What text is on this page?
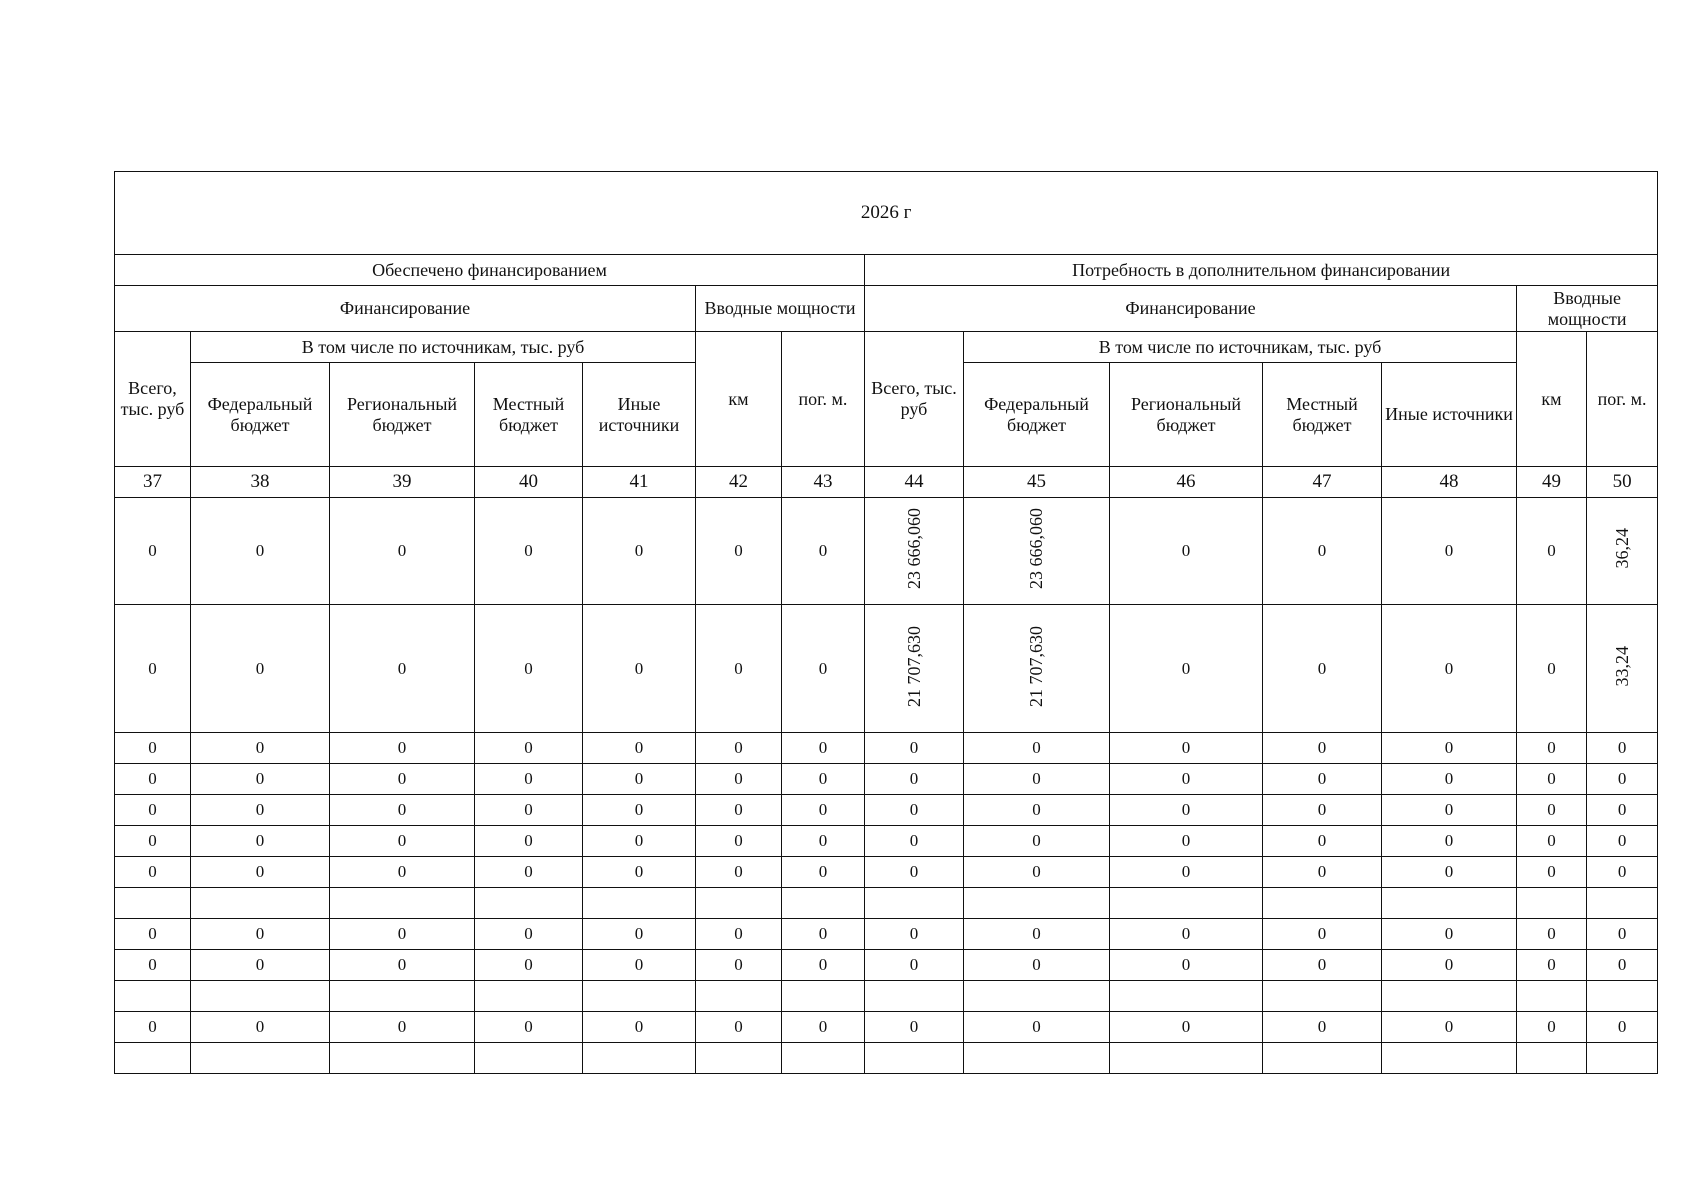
2026 г													
Обеспечено финансированием							Потребность в дополнительном финансировании						
Финансирование					Вводные мощности		Финансирование					Вводные мощности	
Всего, тыс. руб	В том числе по источникам, тыс. руб				км	пог. м.	Всего, тыс. руб	В том числе по источникам, тыс. руб				км	пог. м.
	Федеральный бюджет	Региональный бюджет	Местный бюджет	Иные источники				Федеральный бюджет	Региональный бюджет	Местный бюджет	Иные источники		
37	38	39	40	41	42	43	44	45	46	47	48	49	50
0	0	0	0	0	0	0	23 666,060	23 666,060	0	0	0	0	36,24
0	0	0	0	0	0	0	21 707,630	21 707,630	0	0	0	0	33,24
0	0	0	0	0	0	0	0	0	0	0	0	0	0
0	0	0	0	0	0	0	0	0	0	0	0	0	0
0	0	0	0	0	0	0	0	0	0	0	0	0	0
0	0	0	0	0	0	0	0	0	0	0	0	0	0
0	0	0	0	0	0	0	0	0	0	0	0	0	0

0	0	0	0	0	0	0	0	0	0	0	0	0	0
0	0	0	0	0	0	0	0	0	0	0	0	0	0

0	0	0	0	0	0	0	0	0	0	0	0	0	0
